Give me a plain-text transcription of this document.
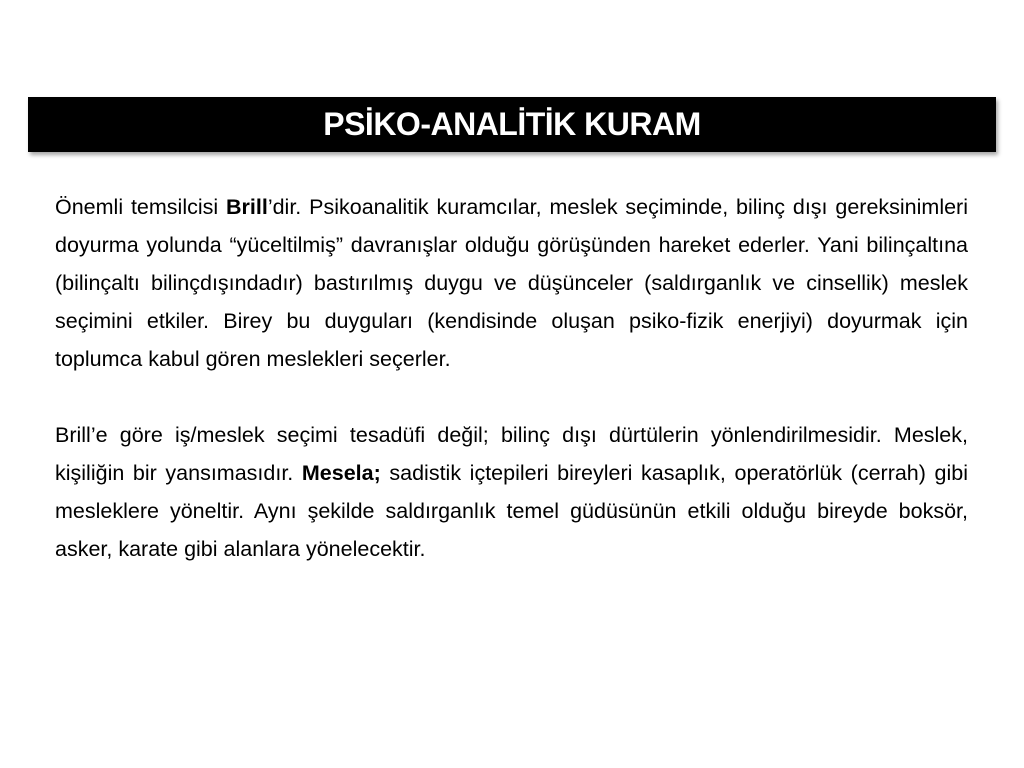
PSİKO-ANALİTİK KURAM

Önemli temsilcisi Brill’dir. Psikoanalitik kuramcılar, meslek seçiminde, bilinç dışı gereksinimleri doyurma yolunda “yüceltilmiş” davranışlar olduğu görüşünden hareket ederler. Yani bilinçaltına (bilinçaltı bilinçdışındadır) bastırılmış duygu ve düşünceler (saldırganlık ve cinsellik) meslek seçimini etkiler. Birey bu duyguları (kendisinde oluşan psiko-fizik enerjiyi) doyurmak için toplumca kabul gören meslekleri seçerler.

Brill’e göre iş/meslek seçimi tesadüfi değil; bilinç dışı dürtülerin yönlendirilmesidir. Meslek, kişiliğin bir yansımasıdır. Mesela; sadistik içtepileri bireyleri kasaplık, operatörlük (cerrah) gibi mesleklere yöneltir. Aynı şekilde saldırganlık temel güdüsünün etkili olduğu bireyde boksör, asker, karate gibi alanlara yönelecektir.
